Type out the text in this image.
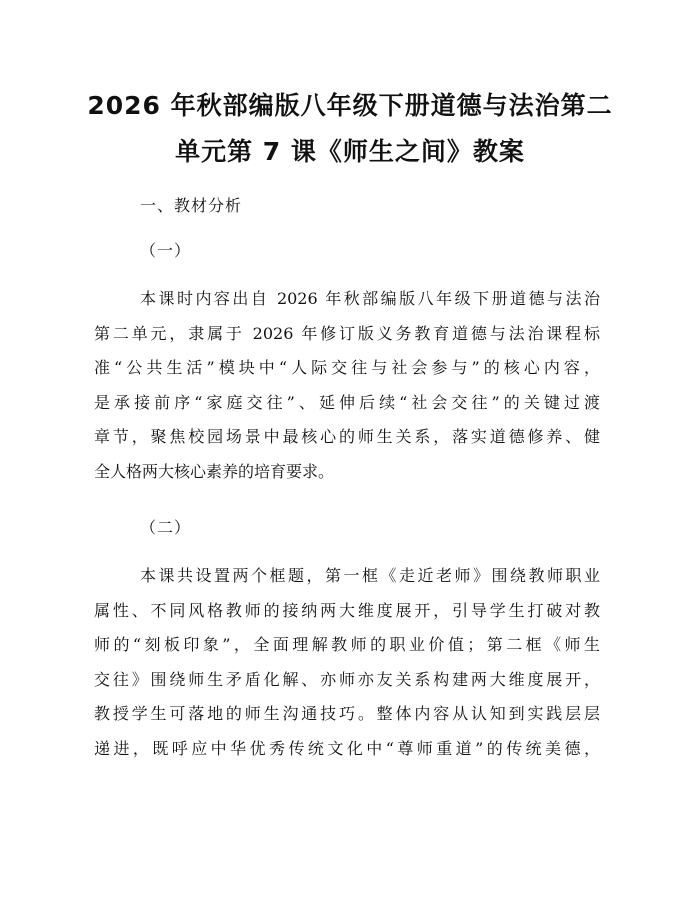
2026 年秋部编版八年级下册道德与法治第二
单元第 7 课《师生之间》教案

一、教材分析

（一）

本课时内容出自 2026 年秋部编版八年级下册道德与法治
第二单元，隶属于 2026 年修订版义务教育道德与法治课程标
准“公共生活”模块中“人际交往与社会参与”的核心内容，
是承接前序“家庭交往”、延伸后续“社会交往”的关键过渡
章节，聚焦校园场景中最核心的师生关系，落实道德修养、健
全人格两大核心素养的培育要求。

（二）

本课共设置两个框题，第一框《走近老师》围绕教师职业
属性、不同风格教师的接纳两大维度展开，引导学生打破对教
师的“刻板印象”，全面理解教师的职业价值；第二框《师生
交往》围绕师生矛盾化解、亦师亦友关系构建两大维度展开，
教授学生可落地的师生沟通技巧。整体内容从认知到实践层层
递进，既呼应中华优秀传统文化中“尊师重道”的传统美德，
